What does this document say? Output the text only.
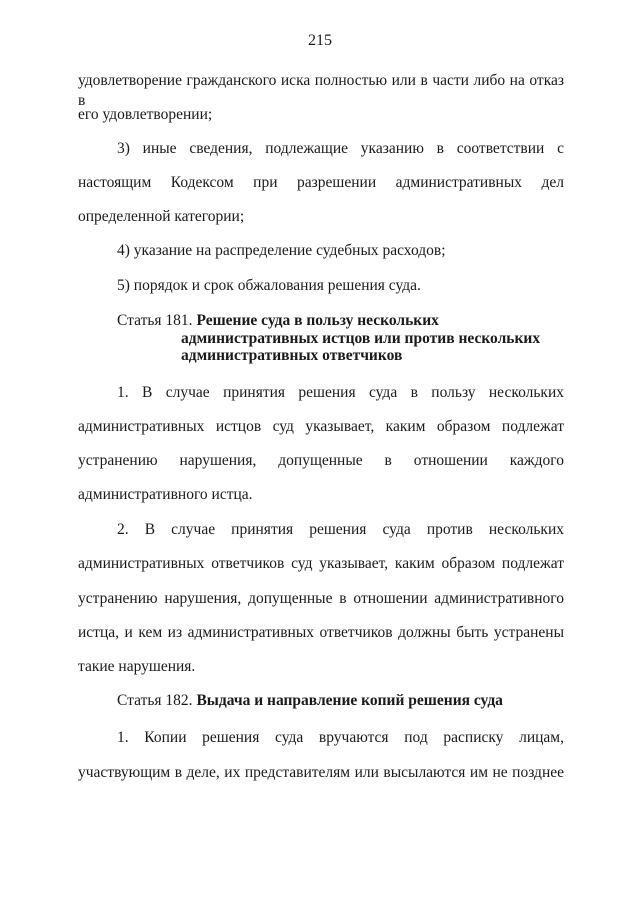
215
удовлетворение гражданского иска полностью или в части либо на отказ в
его удовлетворении;
3) иные сведения, подлежащие указанию в соответствии с
настоящим Кодексом при разрешении административных дел
определенной категории;
4) указание на распределение судебных расходов;
5) порядок и срок обжалования решения суда.
Статья 181. Решение суда в пользу нескольких
административных истцов или против нескольких
административных ответчиков
1. В случае принятия решения суда в пользу нескольких
административных истцов суд указывает, каким образом подлежат
устранению нарушения, допущенные в отношении каждого
административного истца.
2. В случае принятия решения суда против нескольких
административных ответчиков суд указывает, каким образом подлежат
устранению нарушения, допущенные в отношении административного
истца, и кем из административных ответчиков должны быть устранены
такие нарушения.
Статья 182. Выдача и направление копий решения суда
1. Копии решения суда вручаются под расписку лицам,
участвующим в деле, их представителям или высылаются им не позднее
